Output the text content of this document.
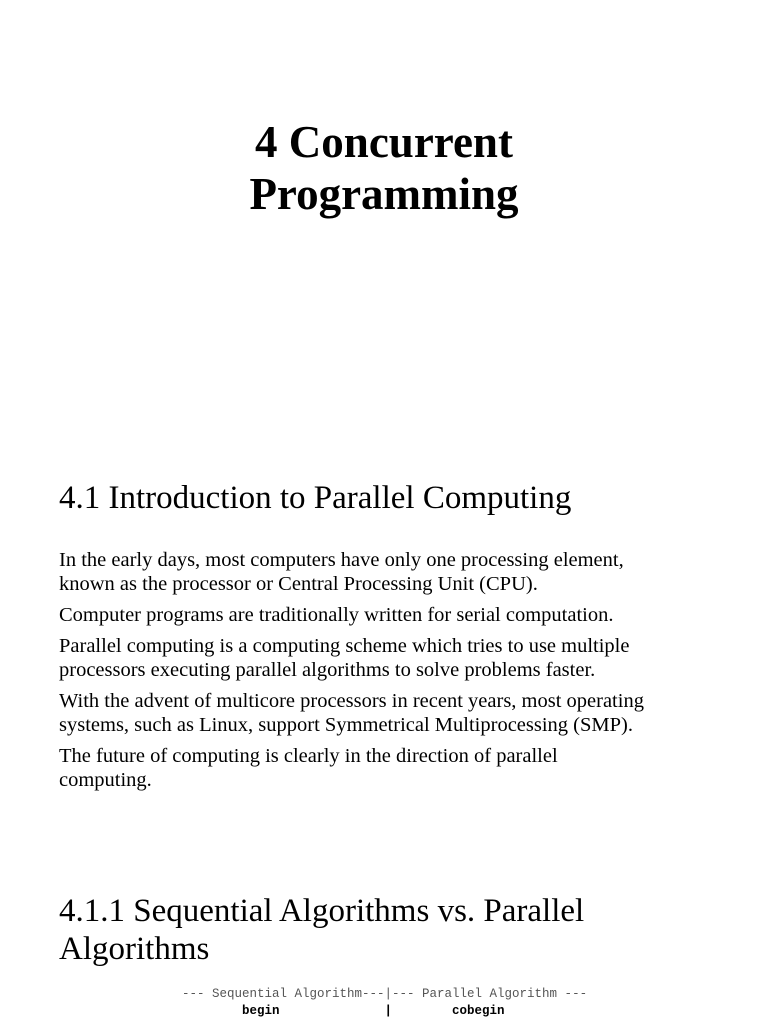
4 Concurrent
Programming
4.1 Introduction to Parallel Computing

In the early days, most computers have only one processing element,
known as the processor or Central Processing Unit (CPU).

Computer programs are traditionally written for serial computation.

Parallel computing is a computing scheme which tries to use multiple
processors executing parallel algorithms to solve problems faster.

With the advent of multicore processors in recent years, most operating
systems, such as Linux, support Symmetrical Multiprocessing (SMP).

The future of computing is clearly in the direction of parallel
computing.

4.1.1 Sequential Algorithms vs. Parallel
Algorithms
--- Sequential Algorithm---|--- Parallel Algorithm ---
begin              |        cobegin
